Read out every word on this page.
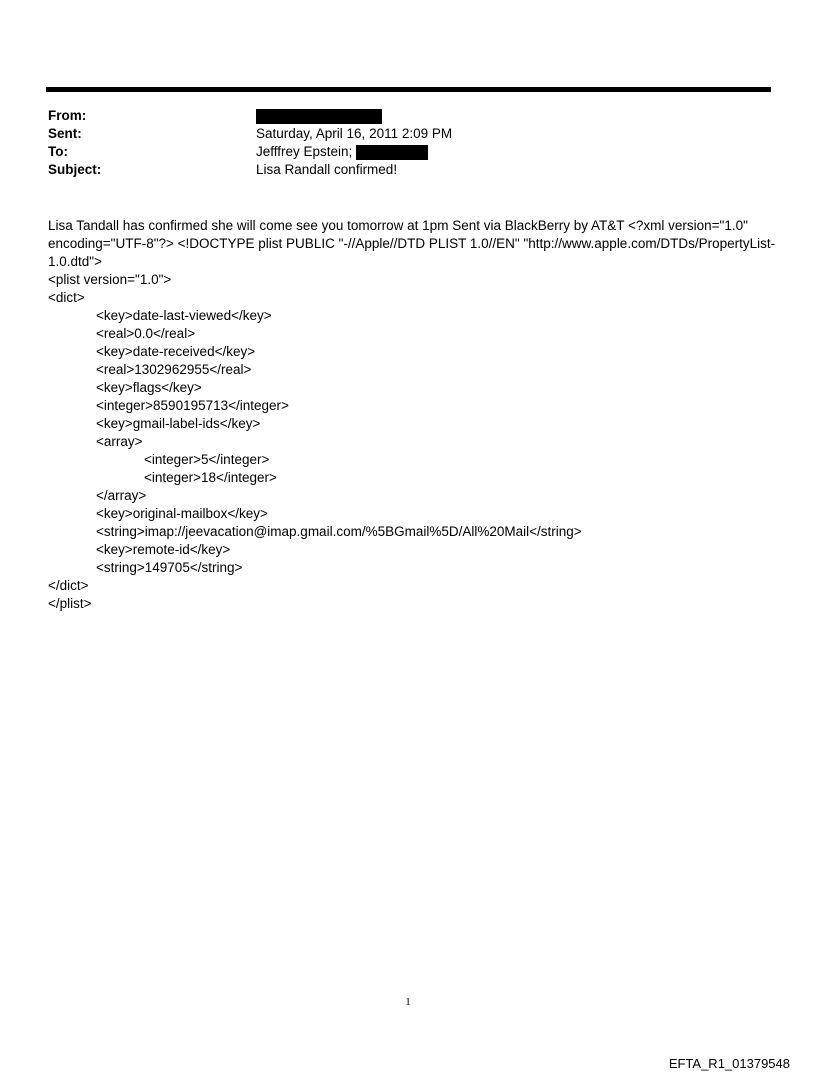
From:
Sent:	Saturday, April 16, 2011 2:09 PM
To:	Jefffrey Epstein;
Subject:	Lisa Randall confirmed!
Lisa Tandall has confirmed she will come see you tomorrow at 1pm Sent via BlackBerry by AT&T <?xml version="1.0" encoding="UTF-8"?> <!DOCTYPE plist PUBLIC "-//Apple//DTD PLIST 1.0//EN" "http://www.apple.com/DTDs/PropertyList-1.0.dtd">
<plist version="1.0">
<dict>
<key>date-last-viewed</key>
<real>0.0</real>
<key>date-received</key>
<real>1302962955</real>
<key>flags</key>
<integer>8590195713</integer>
<key>gmail-label-ids</key>
<array>
<integer>5</integer>
<integer>18</integer>
</array>
<key>original-mailbox</key>
<string>imap://jeevacation@imap.gmail.com/%5BGmail%5D/All%20Mail</string>
<key>remote-id</key>
<string>149705</string>
</dict>
</plist>
1
EFTA_R1_01379548
